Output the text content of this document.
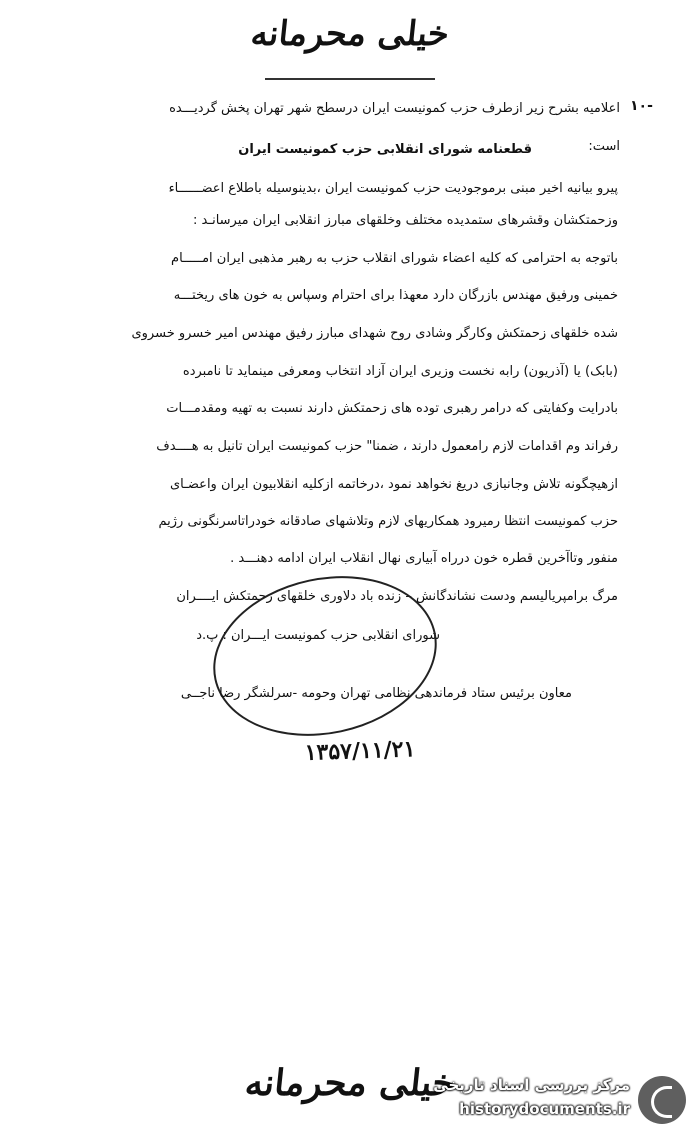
خیلی محرمانه
۱۰-
اعلامیه بشرح زیر ازطرف حزب کمونیست ایران درسطح شهر تهران پخش گردیـــده
است:
قطعنامه شورای انقلابی حزب کمونیست ایران
پیرو بیانیه اخیر مبنی برموجودیت حزب کمونیست ایران ،بدینوسیله باطلاع اعضــــــاء
وزحمتکشان وقشرهای ستمدیده مختلف وخلقهای مبارز انقلابی ایران میرسانـد :
باتوجه به احترامی که کلیه اعضاء شورای انقلاب حزب به رهبر مذهبی ایران امـــــام
خمینی ورفیق مهندس بازرگان دارد معهذا برای احترام وسپاس به خون های ریختـــه
شده خلقهای زحمتکش وکارگر وشادی روح شهدای مبارز رفیق مهندس امیر خسرو خسروی
(بابک) یا (آذریون) رابه نخست وزیری ایران آزاد انتخاب ومعرفی مینماید تا نامبرده
بادرایت وکفایتی که درامر رهبری توده های زحمتکش دارند نسبت به تهیه ومقدمـــات
رفراند وم اقدامات لازم رامعمول دارند ، ضمنا" حزب کمونیست ایران تانیل به هــــدف
ازهیچگونه تلاش وجانبازی دریغ نخواهد نمود ،درخاتمه ازکلیه انقلابیون ایران واعضـای
حزب کمونیست انتظا رمیرود همکاریهای لازم وتلاشهای صادقانه خودراتاسرنگونی رژیم
منفور وتاآخرین قطره خون درراه آبیاری نهال انقلاب ایران ادامه دهنـــد .
مرگ برامپریالیسم ودست نشاندگانش – زنده باد دلاوری خلقهای زحمتکش ایــــران
شورای انقلابی حزب کمونیست ایـــران : پ.د
معاون برئیس ستاد فرماندهی نظامی تهران وحومه -سرلشگر رضا ناجــی
۱۳۵۷/۱۱/۲۱
خیلی محرمانه
مرکز بررسی اسناد تاریخی
historydocuments.ir
